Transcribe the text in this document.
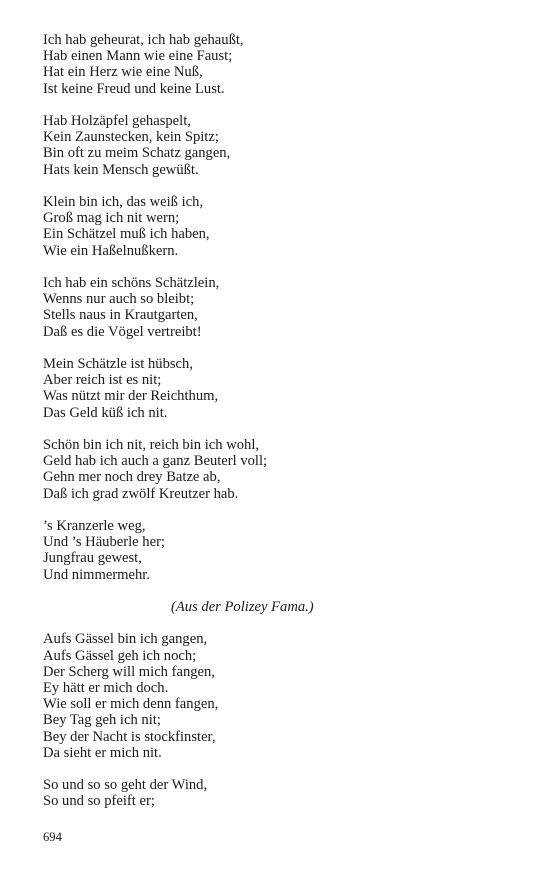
Ich hab geheurat, ich hab gehaußt,
Hab einen Mann wie eine Faust;
Hat ein Herz wie eine Nuß,
Ist keine Freud und keine Lust.
Hab Holzäpfel gehaspelt,
Kein Zaunstecken, kein Spitz;
Bin oft zu meim Schatz gangen,
Hats kein Mensch gewüßt.
Klein bin ich, das weiß ich,
Groß mag ich nit wern;
Ein Schätzel muß ich haben,
Wie ein Haßelnußkern.
Ich hab ein schöns Schätzlein,
Wenns nur auch so bleibt;
Stells naus in Krautgarten,
Daß es die Vögel vertreibt!
Mein Schätzle ist hübsch,
Aber reich ist es nit;
Was nützt mir der Reichthum,
Das Geld küß ich nit.
Schön bin ich nit, reich bin ich wohl,
Geld hab ich auch a ganz Beuterl voll;
Gehn mer noch drey Batze ab,
Daß ich grad zwölf Kreutzer hab.
’s Kranzerle weg,
Und ’s Häuberle her;
Jungfrau gewest,
Und nimmermehr.
(Aus der Polizey Fama.)
Aufs Gässel bin ich gangen,
Aufs Gässel geh ich noch;
Der Scherg will mich fangen,
Ey hätt er mich doch.
Wie soll er mich denn fangen,
Bey Tag geh ich nit;
Bey der Nacht is stockfinster,
Da sieht er mich nit.
So und so so geht der Wind,
So und so pfeift er;
694
